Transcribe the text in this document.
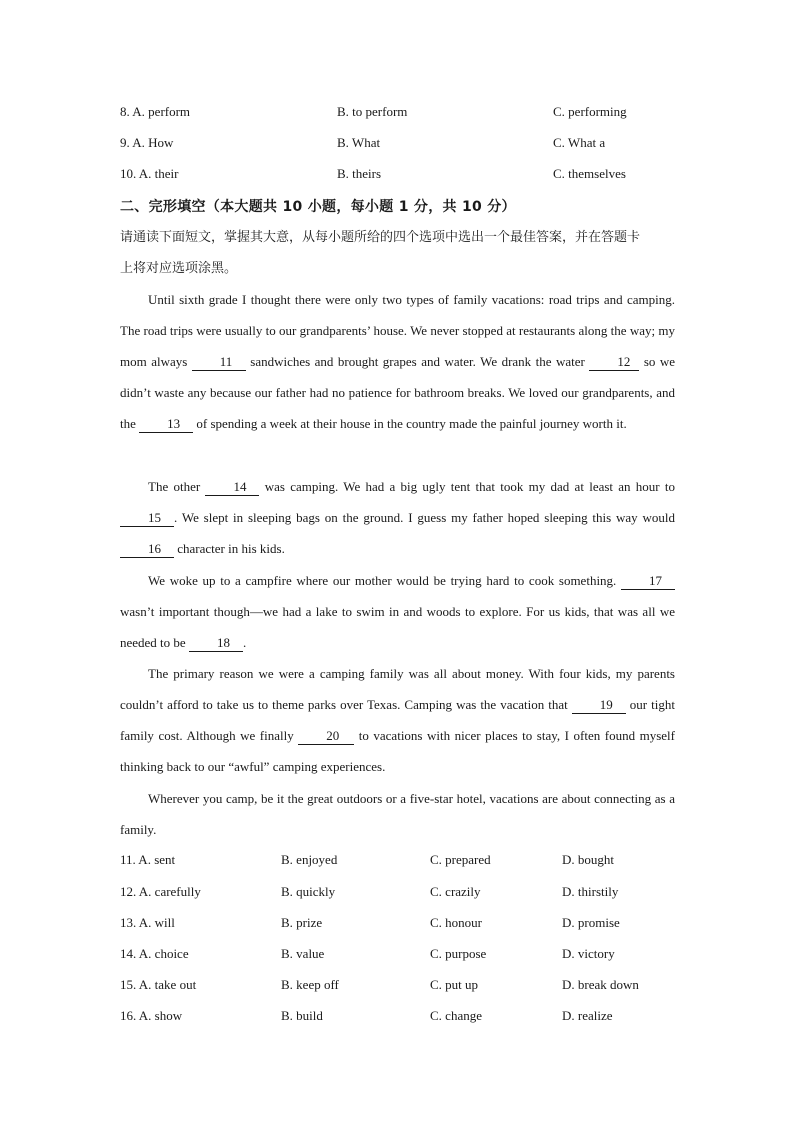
8. A. perform	B. to perform	C. performing
9. A. How	B. What	C. What a
10. A. their	B. theirs	C. themselves
二、完形填空（本大题共 10 小题，每小题 1 分，共 10 分）
请通读下面短文，掌握其大意，从每小题所给的四个选项中选出一个最佳答案，并在答题卡
上将对应选项涂黑。
Until sixth grade I thought there were only two types of family vacations: road trips and camping. The road trips were usually to our grandparents’ house. We never stopped at restaurants along the way; my mom always 11 sandwiches and brought grapes and water. We drank the water 12 so we didn’t waste any because our father had no patience for bathroom breaks. We loved our grandparents, and the 13 of spending a week at their house in the country made the painful journey worth it.
The other 14 was camping. We had a big ugly tent that took my dad at least an hour to 15 . We slept in sleeping bags on the ground. I guess my father hoped sleeping this way would 16 character in his kids.
We woke up to a campfire where our mother would be trying hard to cook something. 17 wasn’t important though—we had a lake to swim in and woods to explore. For us kids, that was all we needed to be 18 .
The primary reason we were a camping family was all about money. With four kids, my parents couldn’t afford to take us to theme parks over Texas. Camping was the vacation that 19 our tight family cost. Although we finally 20 to vacations with nicer places to stay, I often found myself thinking back to our “awful” camping experiences.
Wherever you camp, be it the great outdoors or a five-star hotel, vacations are about connecting as a family.
11. A. sent	B. enjoyed	C. prepared	D. bought
12. A. carefully	B. quickly	C. crazily	D. thirstily
13. A. will	B. prize	C. honour	D. promise
14. A. choice	B. value	C. purpose	D. victory
15. A. take out	B. keep off	C. put up	D. break down
16. A. show	B. build	C. change	D. realize
